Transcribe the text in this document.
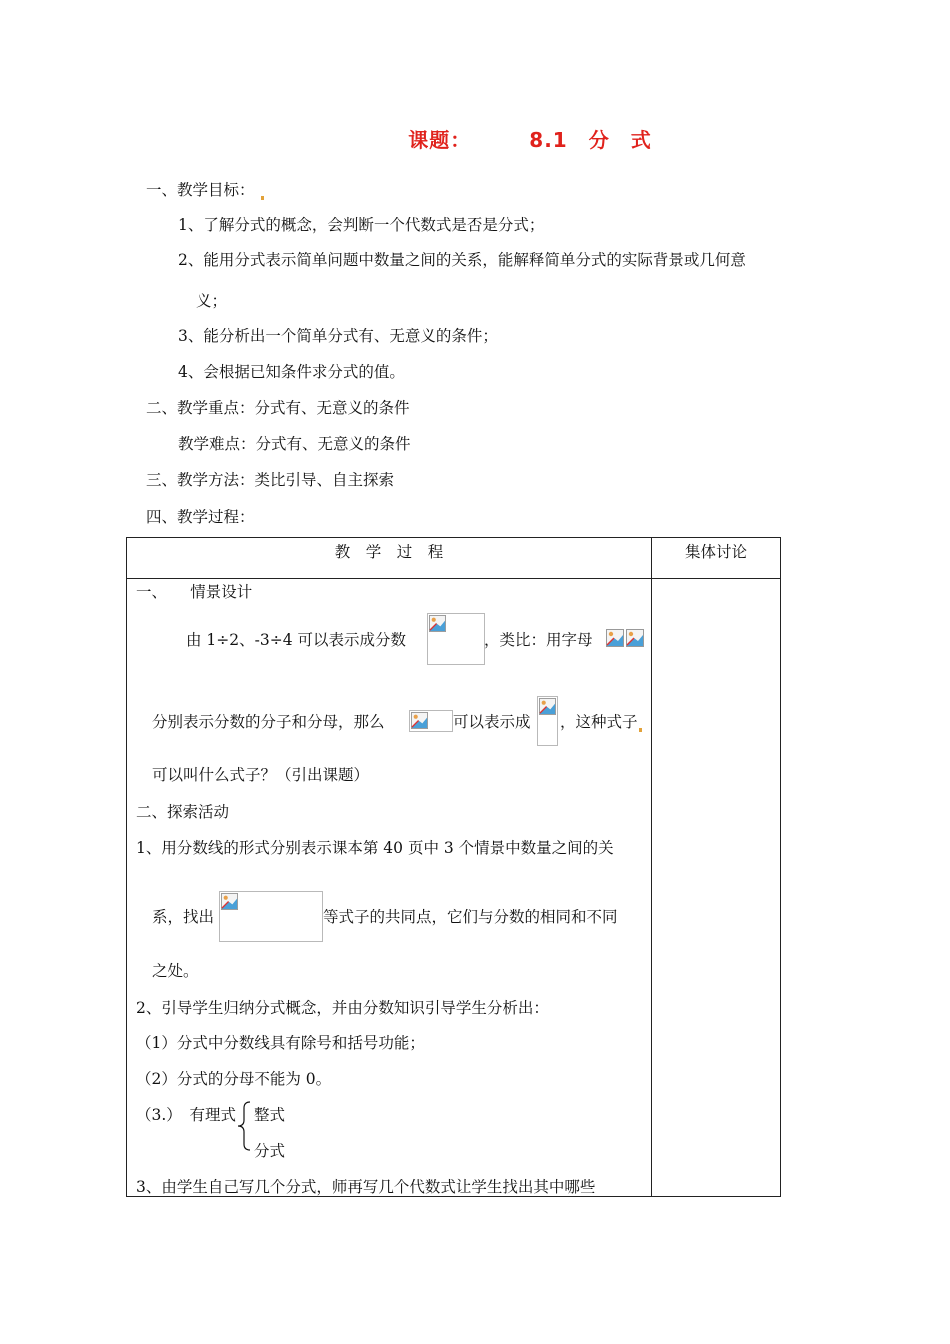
课题：	8.1　分　式
一、教学目标：
1、了解分式的概念，会判断一个代数式是否是分式；
2、能用分式表示简单问题中数量之间的关系，能解释简单分式的实际背景或几何意
义；
3、能分析出一个简单分式有、无意义的条件；
4、会根据已知条件求分式的值。
二、教学重点：分式有、无意义的条件
教学难点：分式有、无意义的条件
三、教学方法：类比引导、自主探索
四、教学过程：
教　学　过　程	集体讨论

一、　　情景设计
由 1÷2、-3÷4 可以表示成分数	，类比：用字母
分别表示分数的分子和分母，那么	可以表示成 ，这种式子
可以叫什么式子？（引出课题）
二、探索活动
1、用分数线的形式分别表示课本第 40 页中 3 个情景中数量之间的关
系，找出	等式子的共同点，它们与分数的相同和不同
之处。
2、引导学生归纳分式概念，并由分数知识引导学生分析出：
（1）分式中分数线具有除号和括号功能；
（2）分式的分母不能为 0。
（3.）　有理式 整式
分式
3、由学生自己写几个分式，师再写几个代数式让学生找出其中哪些
